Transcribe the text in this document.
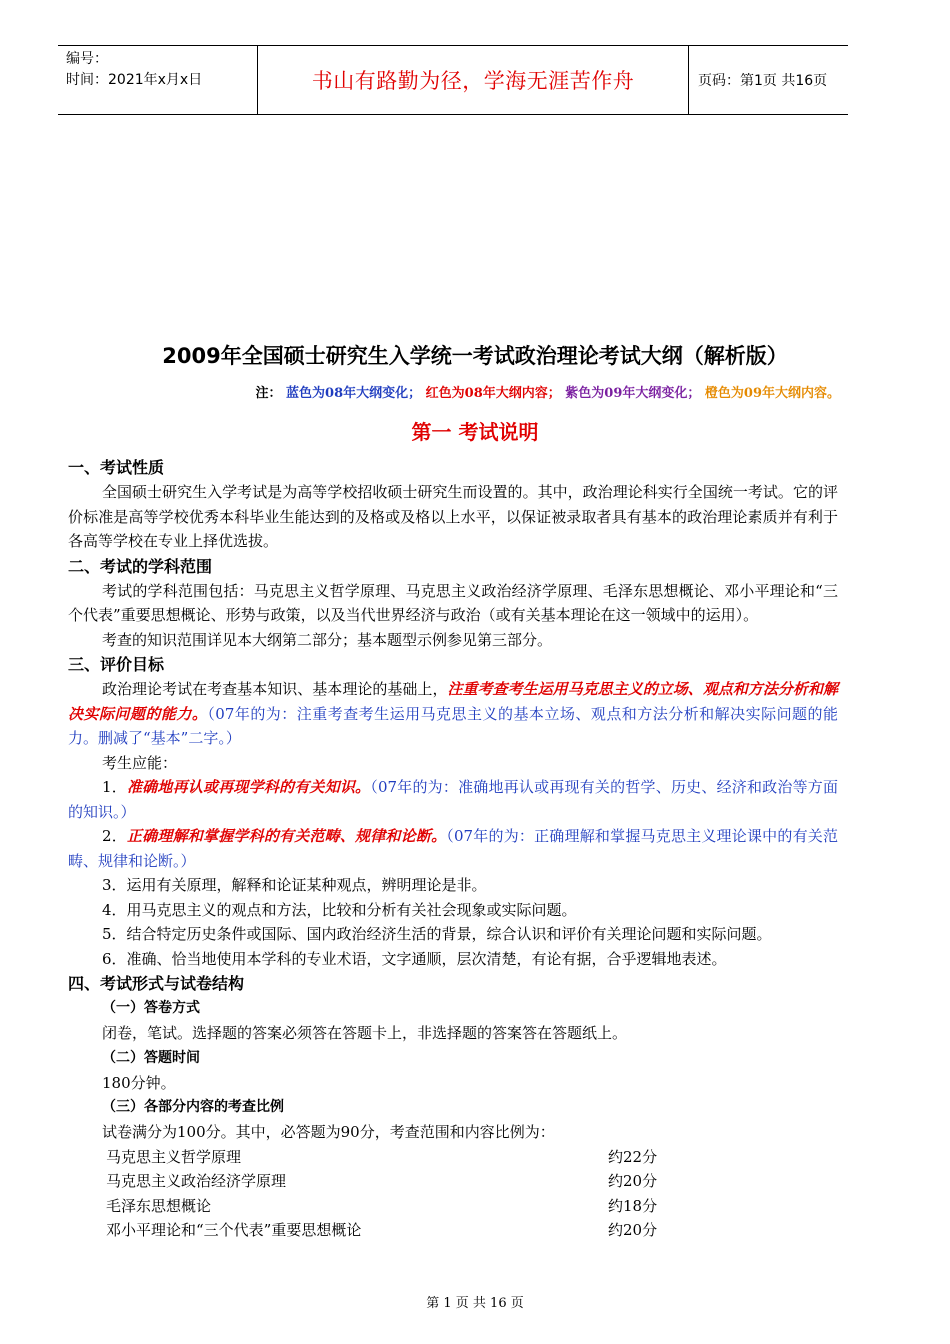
编号：
时间：2021年x月x日	书山有路勤为径，学海无涯苦作舟	页码：第1页 共16页
2009年全国硕士研究生入学统一考试政治理论考试大纲（解析版）
注： 蓝色为08年大纲变化； 红色为08年大纲内容； 紫色为09年大纲变化； 橙色为09年大纲内容。
第一 考试说明
一、考试性质
全国硕士研究生入学考试是为高等学校招收硕士研究生而设置的。其中，政治理论科实行全国统一考试。它的评价标准是高等学校优秀本科毕业生能达到的及格或及格以上水平，以保证被录取者具有基本的政治理论素质并有利于各高等学校在专业上择优选拔。
二、考试的学科范围
考试的学科范围包括：马克思主义哲学原理、马克思主义政治经济学原理、毛泽东思想概论、邓小平理论和“三个代表”重要思想概论、形势与政策，以及当代世界经济与政治（或有关基本理论在这一领域中的运用）。
考查的知识范围详见本大纲第二部分；基本题型示例参见第三部分。
三、评价目标
政治理论考试在考查基本知识、基本理论的基础上，注重考查考生运用马克思主义的立场、观点和方法分析和解决实际问题的能力。（07年的为：注重考查考生运用马克思主义的基本立场、观点和方法分析和解决实际问题的能力。删减了“基本”二字。）
考生应能：
1．准确地再认或再现学科的有关知识。（07年的为：准确地再认或再现有关的哲学、历史、经济和政治等方面的知识。）
2．正确理解和掌握学科的有关范畴、规律和论断。（07年的为：正确理解和掌握马克思主义理论课中的有关范畴、规律和论断。）
3．运用有关原理，解释和论证某种观点，辨明理论是非。
4．用马克思主义的观点和方法，比较和分析有关社会现象或实际问题。
5．结合特定历史条件或国际、国内政治经济生活的背景，综合认识和评价有关理论问题和实际问题。
6．准确、恰当地使用本学科的专业术语，文字通顺，层次清楚，有论有据，合乎逻辑地表述。
四、考试形式与试卷结构
（一）答卷方式
闭卷，笔试。选择题的答案必须答在答题卡上，非选择题的答案答在答题纸上。
（二）答题时间
180分钟。
（三）各部分内容的考查比例
试卷满分为100分。其中，必答题为90分，考查范围和内容比例为：
马克思主义哲学原理	约22分
马克思主义政治经济学原理	约20分
毛泽东思想概论	约18分
邓小平理论和“三个代表”重要思想概论	约20分
第 1 页 共 16 页
